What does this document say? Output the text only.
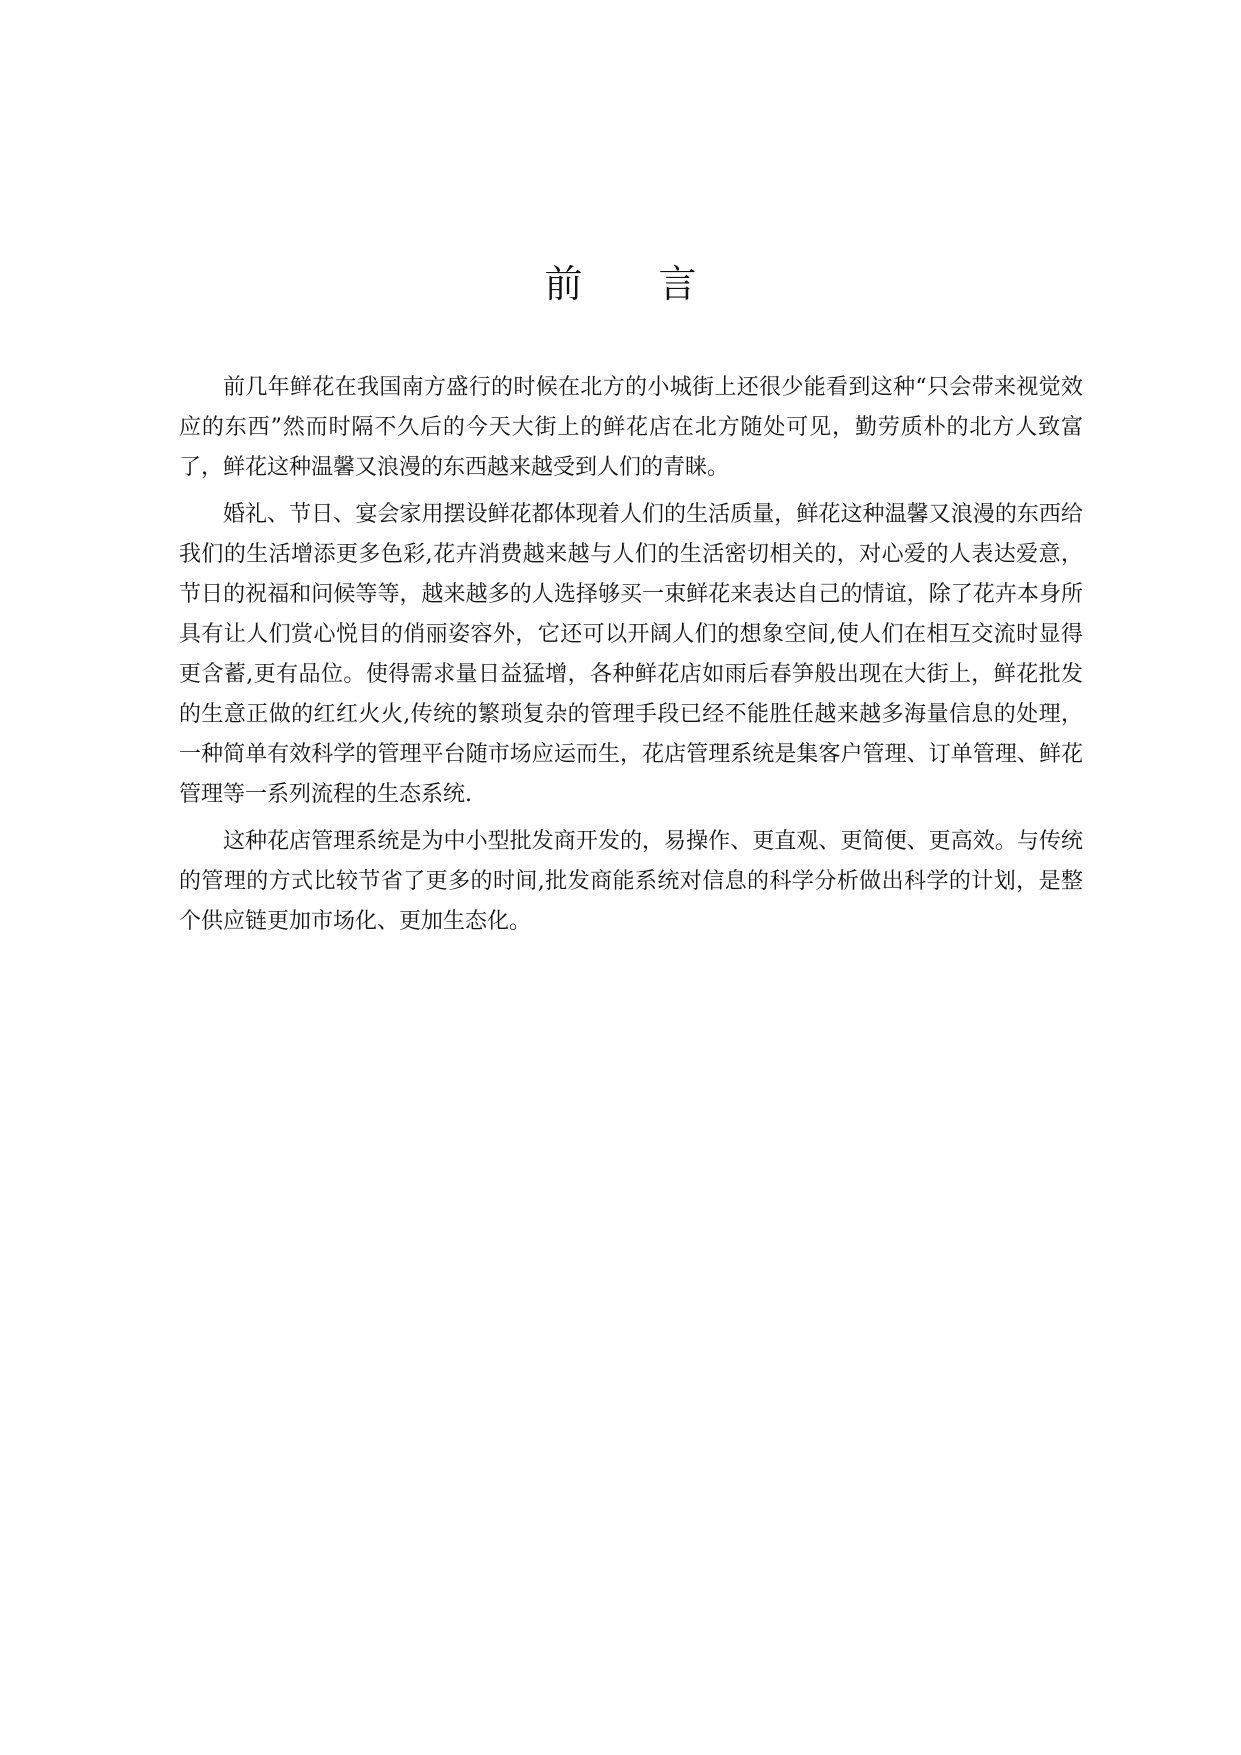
前 言

前几年鲜花在我国南方盛行的时候在北方的小城街上还很少能看到这种“只会带来视觉效应的东西”然而时隔不久后的今天大街上的鲜花店在北方随处可见，勤劳质朴的北方人致富了，鲜花这种温馨又浪漫的东西越来越受到人们的青睐。

婚礼、节日、宴会家用摆设鲜花都体现着人们的生活质量，鲜花这种温馨又浪漫的东西给我们的生活增添更多色彩,花卉消费越来越与人们的生活密切相关的，对心爱的人表达爱意，节日的祝福和问候等等，越来越多的人选择够买一束鲜花来表达自己的情谊，除了花卉本身所具有让人们赏心悦目的俏丽姿容外，它还可以开阔人们的想象空间,使人们在相互交流时显得更含蓄,更有品位。使得需求量日益猛增，各种鲜花店如雨后春笋般出现在大街上，鲜花批发的生意正做的红红火火,传统的繁琐复杂的管理手段已经不能胜任越来越多海量信息的处理，一种简单有效科学的管理平台随市场应运而生，花店管理系统是集客户管理、订单管理、鲜花管理等一系列流程的生态系统.

这种花店管理系统是为中小型批发商开发的，易操作、更直观、更简便、更高效。与传统的管理的方式比较节省了更多的时间,批发商能系统对信息的科学分析做出科学的计划，是整个供应链更加市场化、更加生态化。
